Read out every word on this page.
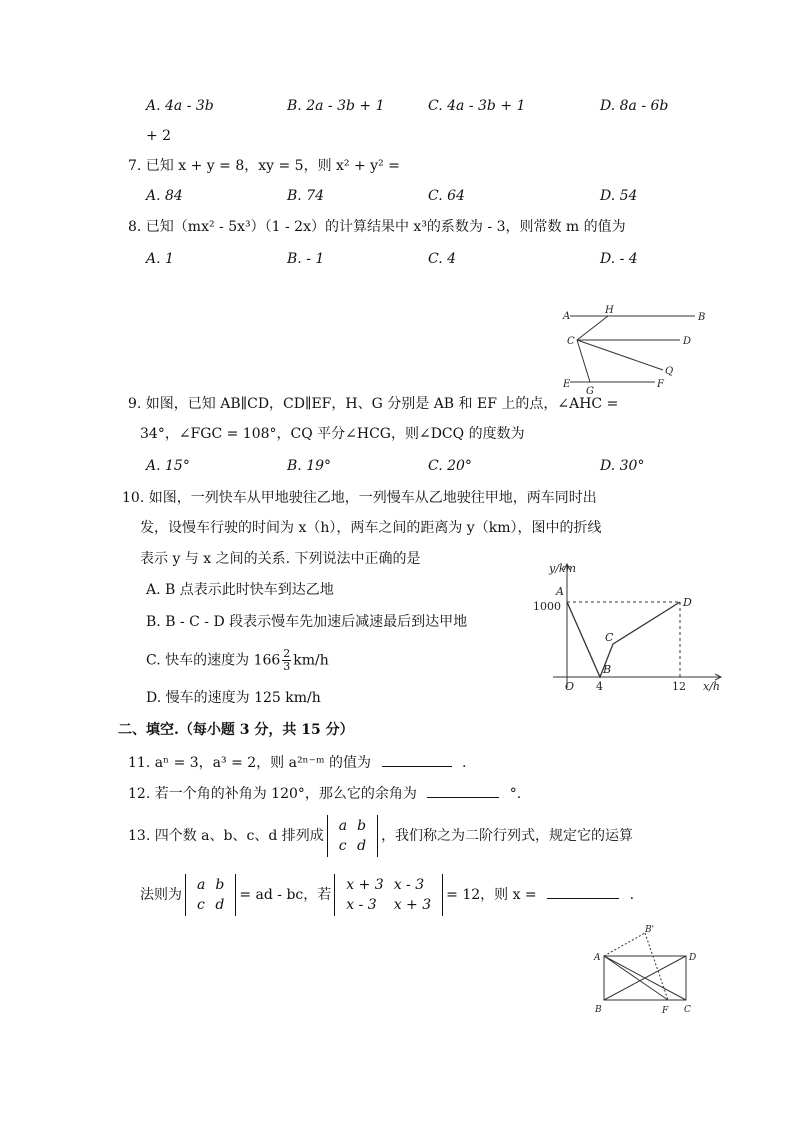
A. 4a - 3b	B. 2a - 3b + 1	C. 4a - 3b + 1	D. 8a - 6b
+ 2
7. 已知 x + y = 8，xy = 5，则 x² + y² =
A. 84	B. 74	C. 64	D. 54
8. 已知（mx² - 5x³）（1 - 2x）的计算结果中 x³的系数为 - 3，则常数 m 的值为
A. 1	B. - 1	C. 4	D. - 4
A
H
B
C	D
Q
E
G
F
9. 如图，已知 AB∥CD，CD∥EF，H、G 分别是 AB 和 EF 上的点，∠AHC =
34°，∠FGC = 108°，CQ 平分∠HCG，则∠DCQ 的度数为
A. 15°	B. 19°	C. 20°	D. 30°
10. 如图，一列快车从甲地驶往乙地，一列慢车从乙地驶往甲地，两车同时出
发，设慢车行驶的时间为 x（h），两车之间的距离为 y（km），图中的折线
表示 y 与 x 之间的关系. 下列说法中正确的是
A. B 点表示此时快车到达乙地
B. B - C - D 段表示慢车先加速后减速最后到达甲地
C. 快车的速度为 $166 \frac{2}{3} km/h$
D. 慢车的速度为 125 km/h
y/km
x/h
O
1000
4	12
A
B
C
D
二、填空.（每小题 3 分，共 15 分）
11. aⁿ = 3，a³ = 2，则 a²ⁿ⁻ᵐ 的值为	.
12. 若一个角的补角为 120°，那么它的余角为	°.
13. 四个数 a、b、c、d 排列成
a	b
c	d
，我们称之为二阶行列式，规定它的运算
法则为
a	b
c	d
= ad - bc，若
x + 3	x - 3
x - 3	x + 3
= 12，则 x =	.
A
B'
D
B	F C
